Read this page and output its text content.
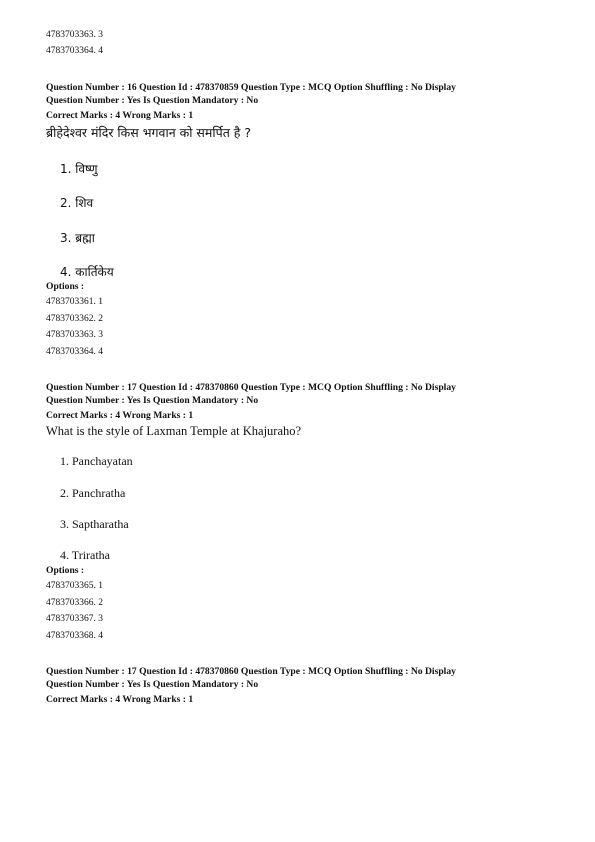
4783703363. 3
4783703364. 4
Question Number : 16 Question Id : 478370859 Question Type : MCQ Option Shuffling : No Display
Question Number : Yes Is Question Mandatory : No
Correct Marks : 4 Wrong Marks : 1
ब्रीहेदेश्वर मंदिर किस भगवान को समर्पित है ?
1. विष्णु
2. शिव
3. ब्रह्मा
4. कार्तिकेय
Options :
4783703361. 1
4783703362. 2
4783703363. 3
4783703364. 4
Question Number : 17 Question Id : 478370860 Question Type : MCQ Option Shuffling : No Display
Question Number : Yes Is Question Mandatory : No
Correct Marks : 4 Wrong Marks : 1
What is the style of Laxman Temple at Khajuraho?
1. Panchayatan
2. Panchratha
3. Saptharatha
4. Triratha
Options :
4783703365. 1
4783703366. 2
4783703367. 3
4783703368. 4
Question Number : 17 Question Id : 478370860 Question Type : MCQ Option Shuffling : No Display
Question Number : Yes Is Question Mandatory : No
Correct Marks : 4 Wrong Marks : 1
